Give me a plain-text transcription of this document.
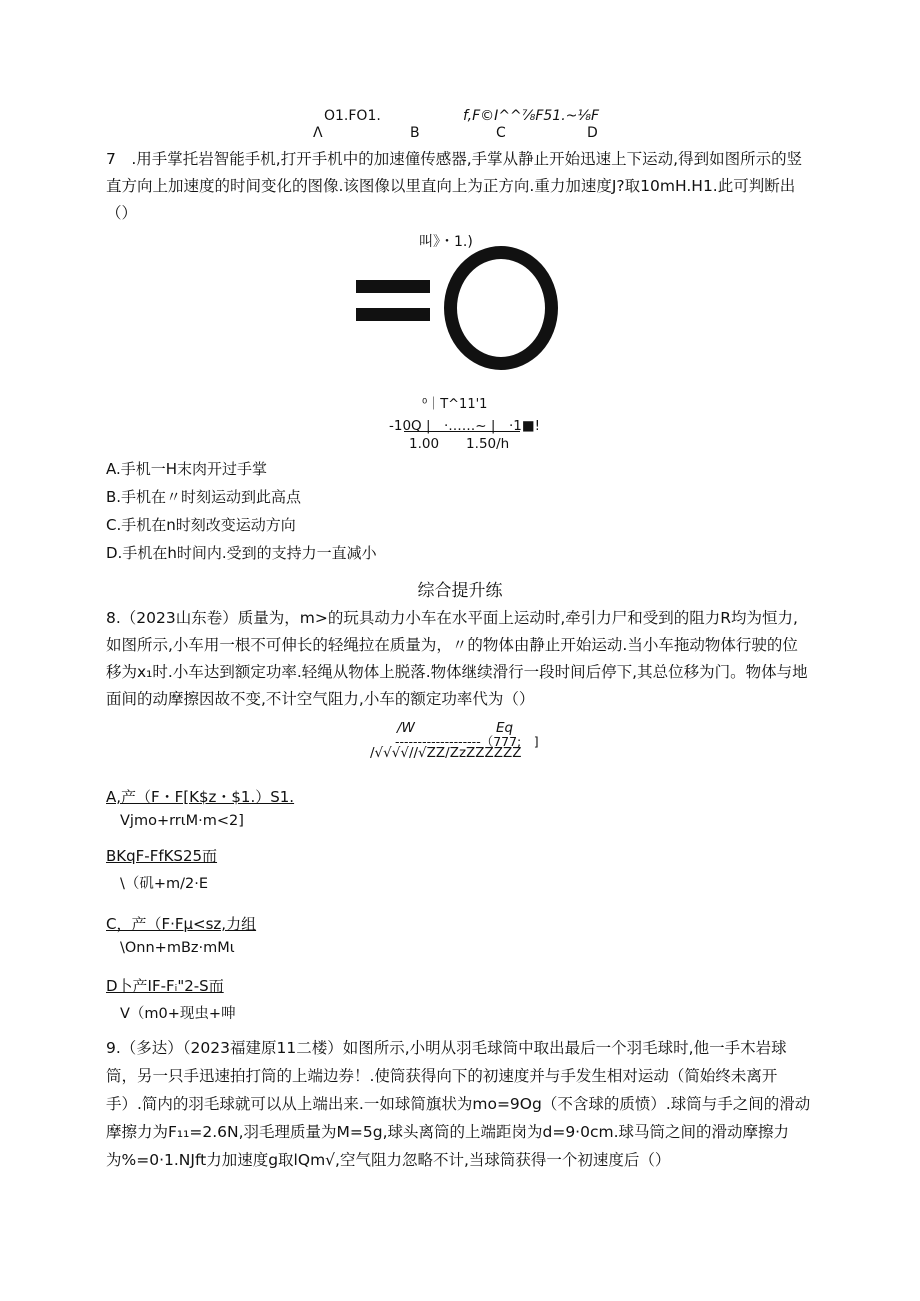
O1.FO1.	f,F©I^^⅞F51.~⅛F
Λ	B	C	D
7　.用手掌托岩智能手机,打开手机中的加速僮传感器,手掌从静止开始迅速上下运动,得到如图所示的竖
直方向上加速度的时间变化的图像.该图像以里直向上为正方向.重力加速度J?取10mH.H1.此可判断出
（）
叫》・1.)
⁰｜T^11'1
-10Q |　·……~ |　·1■!
1.00　　1.50/h
A.手机一H末肉开过手掌
B.手机在〃时刻运动到此高点
C.手机在n时刻改变运动方向
D.手机在h时间内.受到的支持力一直减小
综合提升练
8.（2023山东卷）质量为，m>的玩具动力小车在水平面上运动时,牵引力尸和受到的阻力R均为恒力,
如图所示,小车用一根不可伸长的轻绳拉在质量为，〃的物体由静止开始运动.当小车拖动物体行驶的位
移为x₁时.小车达到额定功率.轻绳从物体上脱落.物体继续滑行一段时间后停下,其总位移为门。物体与地
面间的动摩擦因故不变,不计空气阻力,小车的额定功率代为（）
/W	Eq
-------------------（777;　]
/√√√√//√ZZ/ZzZZZZZZ
A,产（F・F[K$z・$1.）S1.
Vjmo+rrιM·m<2]
BKqF-FfKS25而
\（矶+m/2·E
C，产（F·Fμ<sz,力组
\Onn+mBz·mMι
D卜产IF-Fᵢ"2-S而
V（m0+现虫+呻
9.（多达）（2023福建原11二楼）如图所示,小明从羽毛球筒中取出最后一个羽毛球时,他一手木岩球
筒，另一只手迅速拍打筒的上端边券！.使筒获得向下的初速度并与手发生相对运动（简始终未离开
手）.简内的羽毛球就可以从上端出来.一如球简旗状为mo=9Og（不含球的质愤）.球筒与手之间的滑动
摩擦力为F₁₁=2.6N,羽毛理质量为M=5g,球头离筒的上端距岗为d=9·0cm.球马筒之间的滑动摩擦力
为%=0·1.NJft力加速度g取lQm√,空气阻力忽略不计,当球筒获得一个初速度后（）
